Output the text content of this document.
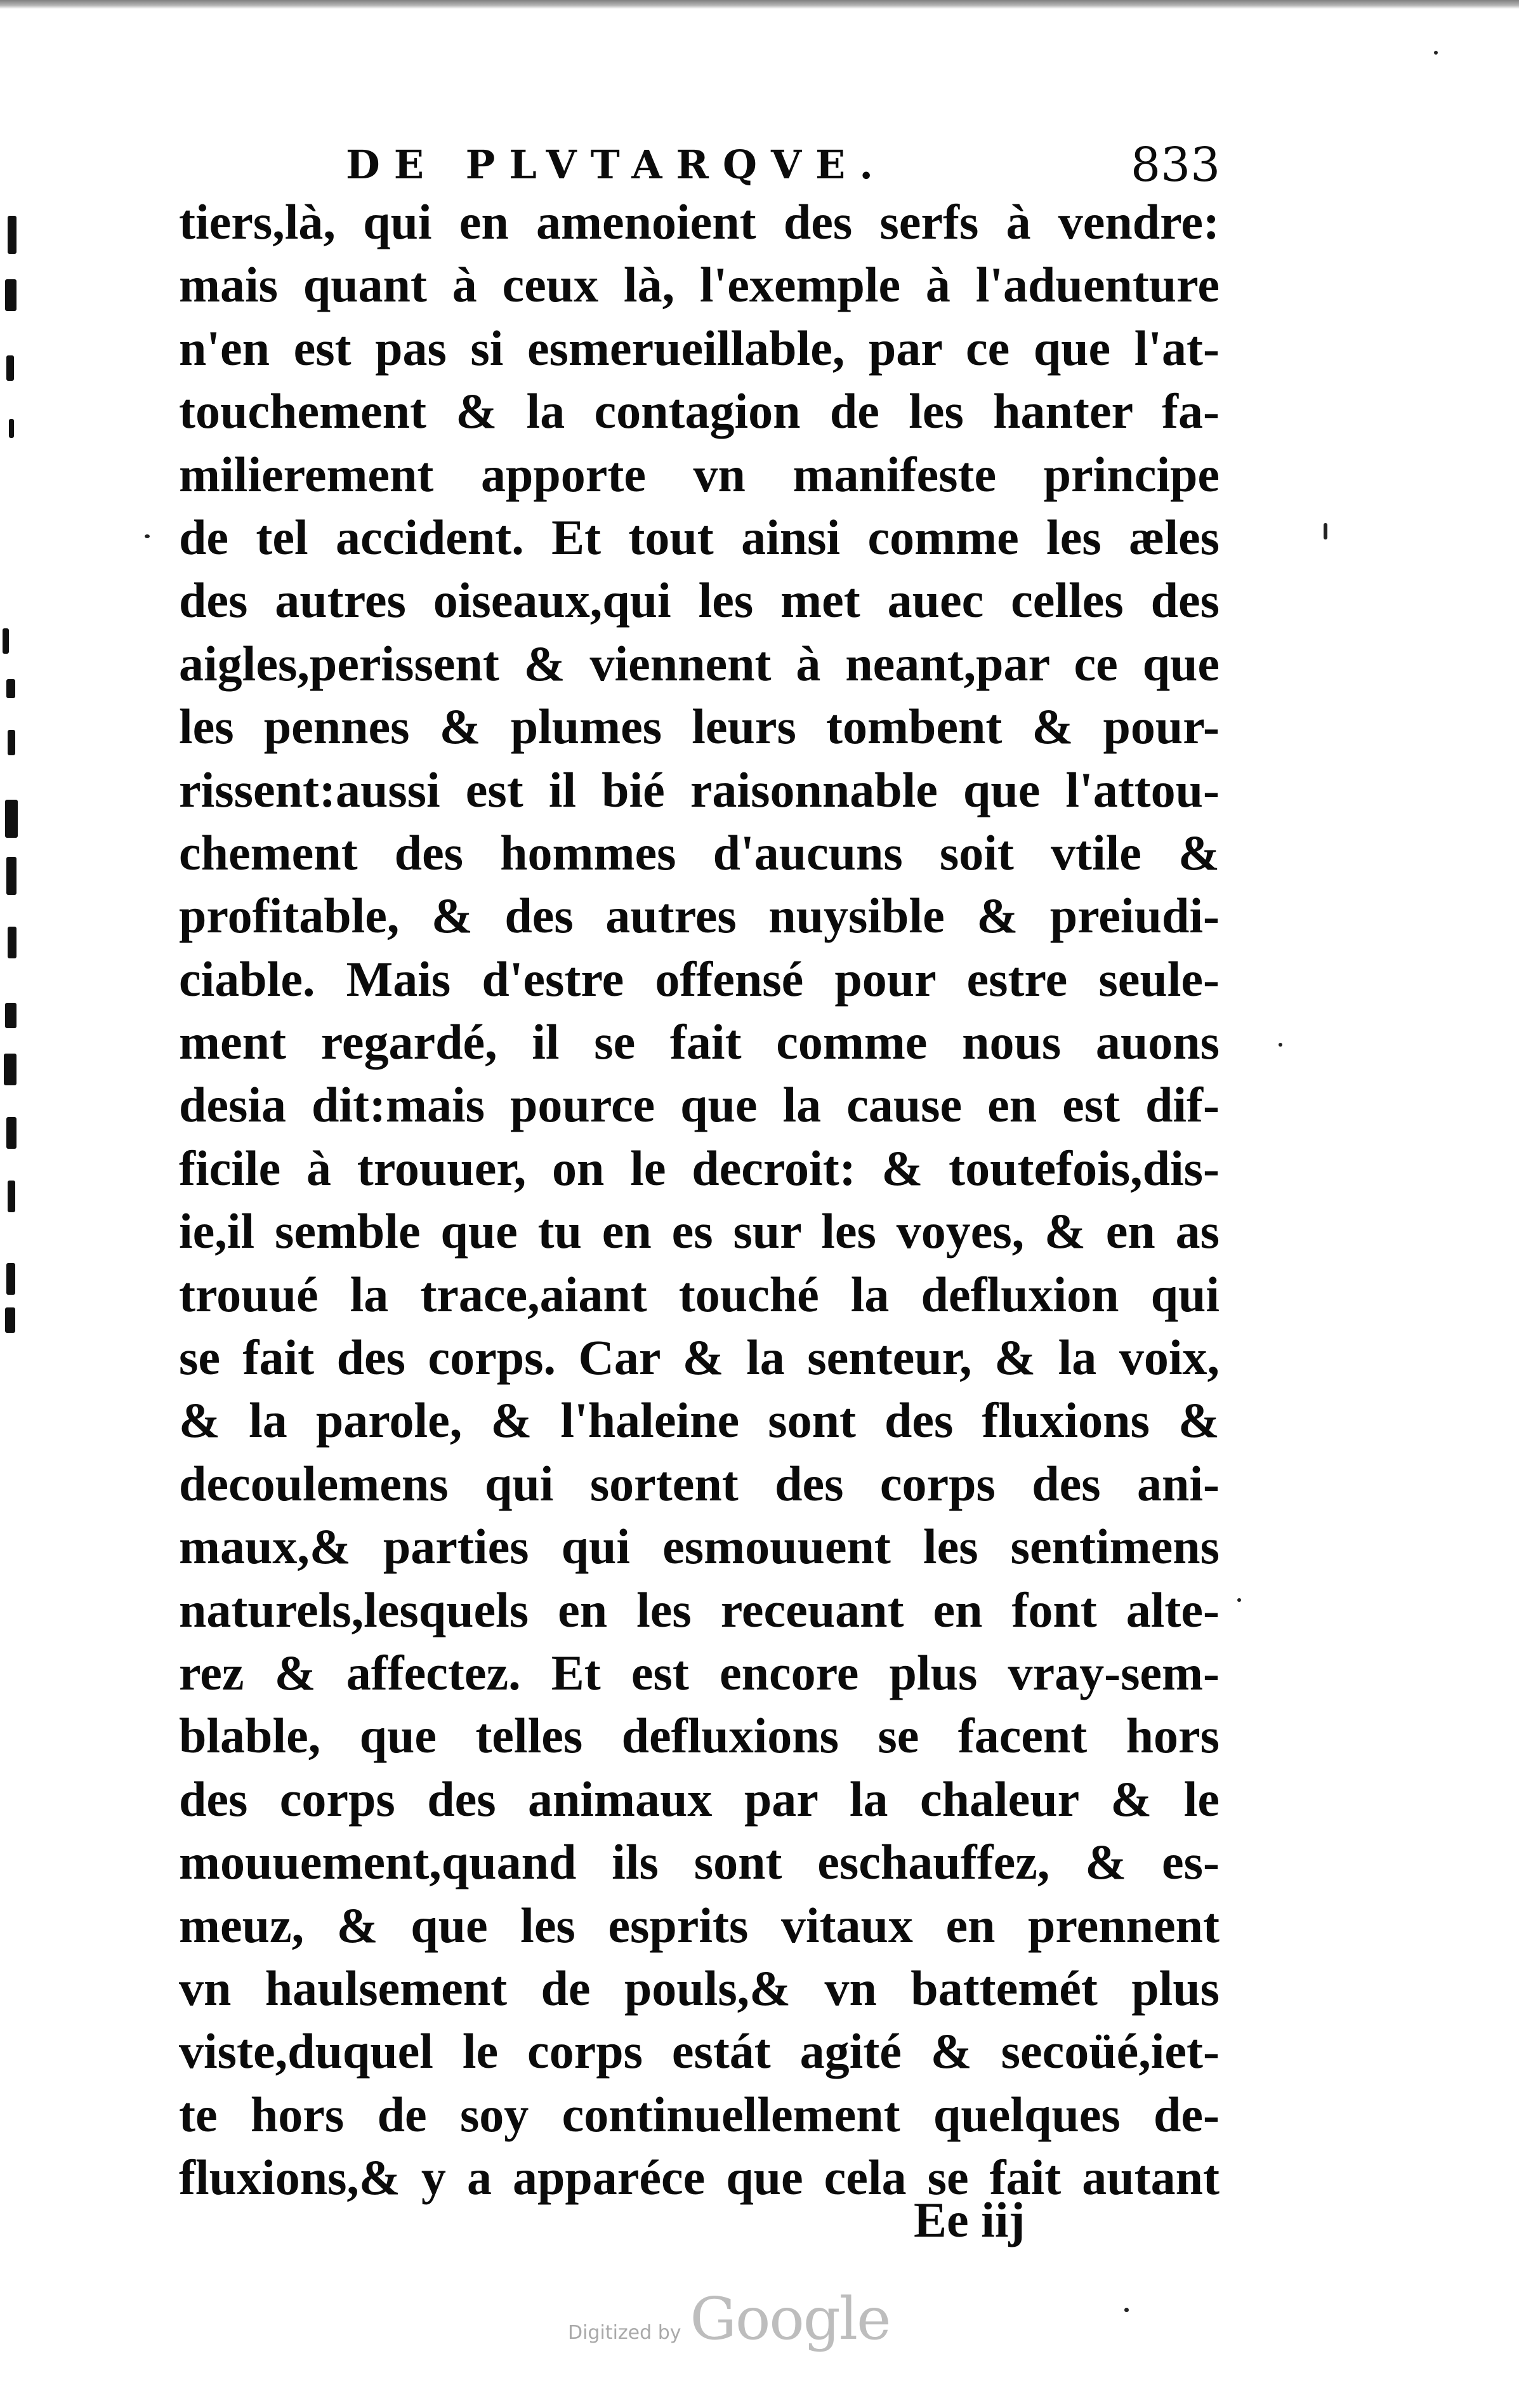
DE PLVTARQVE.	833
tiers,là, qui en amenoient des serfs à vendre:
mais quant à ceux là, l'exemple à l'aduenture
n'en est pas si esmerueillable, par ce que l'at-
touchement & la contagion de les hanter fa-
milierement apporte vn manifeste principe
de tel accident. Et tout ainsi comme les æles
des autres oiseaux,qui les met auec celles des
aigles,perissent & viennent à neant,par ce que
les pennes & plumes leurs tombent & pour-
rissent:aussi est il bié raisonnable que l'attou-
chement des hommes d'aucuns soit vtile &
profitable, & des autres nuysible & preiudi-
ciable. Mais d'estre offensé pour estre seule-
ment regardé, il se fait comme nous auons
desia dit:mais pource que la cause en est dif-
ficile à trouuer, on le decroit: & toutefois,dis-
ie,il semble que tu en es sur les voyes, & en as
trouué la trace,aiant touché la defluxion qui
se fait des corps. Car & la senteur, & la voix,
& la parole, & l'haleine sont des fluxions &
decoulemens qui sortent des corps des ani-
maux,& parties qui esmouuent les sentimens
naturels,lesquels en les receuant en font alte-
rez & affectez. Et est encore plus vray-sem-
blable, que telles defluxions se facent hors
des corps des animaux par la chaleur & le
mouuement,quand ils sont eschauffez, & es-
meuz, & que les esprits vitaux en prennent
vn haulsement de pouls,& vn battemét plus
viste,duquel le corps estát agité & secoüé,iet-
te hors de soy continuellement quelques de-
fluxions,& y a apparéce que cela se fait autant
Ee iij
Digitized by Google
